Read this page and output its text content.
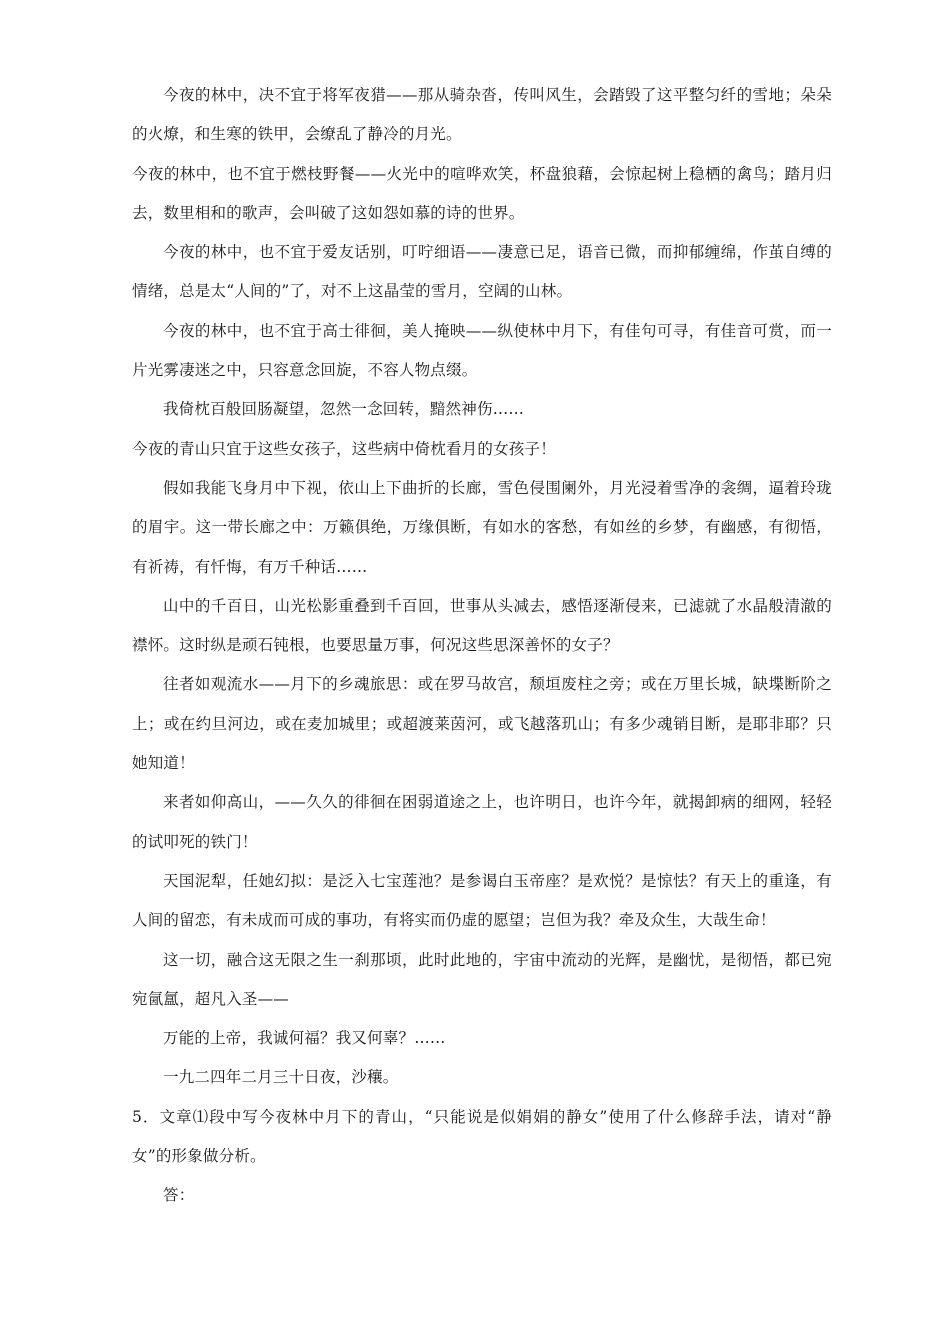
今夜的林中，决不宜于将军夜猎——那从骑杂沓，传叫风生，会踏毁了这平整匀纤的雪地；朵朵的火燎，和生寒的铁甲，会缭乱了静冷的月光。

今夜的林中，也不宜于燃枝野餐——火光中的喧哗欢笑，杯盘狼藉，会惊起树上稳栖的禽鸟；踏月归去，数里相和的歌声，会叫破了这如怨如慕的诗的世界。

今夜的林中，也不宜于爱友话别，叮咛细语——凄意已足，语音已微，而抑郁缠绵，作茧自缚的情绪，总是太“人间的”了，对不上这晶莹的雪月，空阔的山林。

今夜的林中，也不宜于高士徘徊，美人掩映——纵使林中月下，有佳句可寻，有佳音可赏，而一片光雾凄迷之中，只容意念回旋，不容人物点缀。

我倚枕百般回肠凝望，忽然一念回转，黯然神伤……

今夜的青山只宜于这些女孩子，这些病中倚枕看月的女孩子！

假如我能飞身月中下视，依山上下曲折的长廊，雪色侵围阑外，月光浸着雪净的衾绸，逼着玲珑的眉宇。这一带长廊之中：万籁俱绝，万缘俱断，有如水的客愁，有如丝的乡梦，有幽感，有彻悟，有祈祷，有忏悔，有万千种话……

山中的千百日，山光松影重叠到千百回，世事从头减去，感悟逐渐侵来，已滤就了水晶般清澈的襟怀。这时纵是顽石钝根，也要思量万事，何况这些思深善怀的女子？

往者如观流水——月下的乡魂旅思：或在罗马故宫，颓垣废柱之旁；或在万里长城，缺堞断阶之上；或在约旦河边，或在麦加城里；或超渡莱茵河，或飞越落玑山；有多少魂销目断，是耶非耶？只她知道！

来者如仰高山，——久久的徘徊在困弱道途之上，也许明日，也许今年，就揭卸病的细网，轻轻的试叩死的铁门！

天国泥犁，任她幻拟：是泛入七宝莲池？是参谒白玉帝座？是欢悦？是惊怯？有天上的重逢，有人间的留恋，有未成而可成的事功，有将实而仍虚的愿望；岂但为我？牵及众生，大哉生命！

这一切，融合这无限之生一刹那顷，此时此地的，宇宙中流动的光辉，是幽忧，是彻悟，都已宛宛氤氲，超凡入圣——

万能的上帝，我诚何福？我又何辜？……

一九二四年二月三十日夜，沙穰。

5．文章⑴段中写今夜林中月下的青山，“只能说是似娟娟的静女”使用了什么修辞手法，请对“静女”的形象做分析。

答：
